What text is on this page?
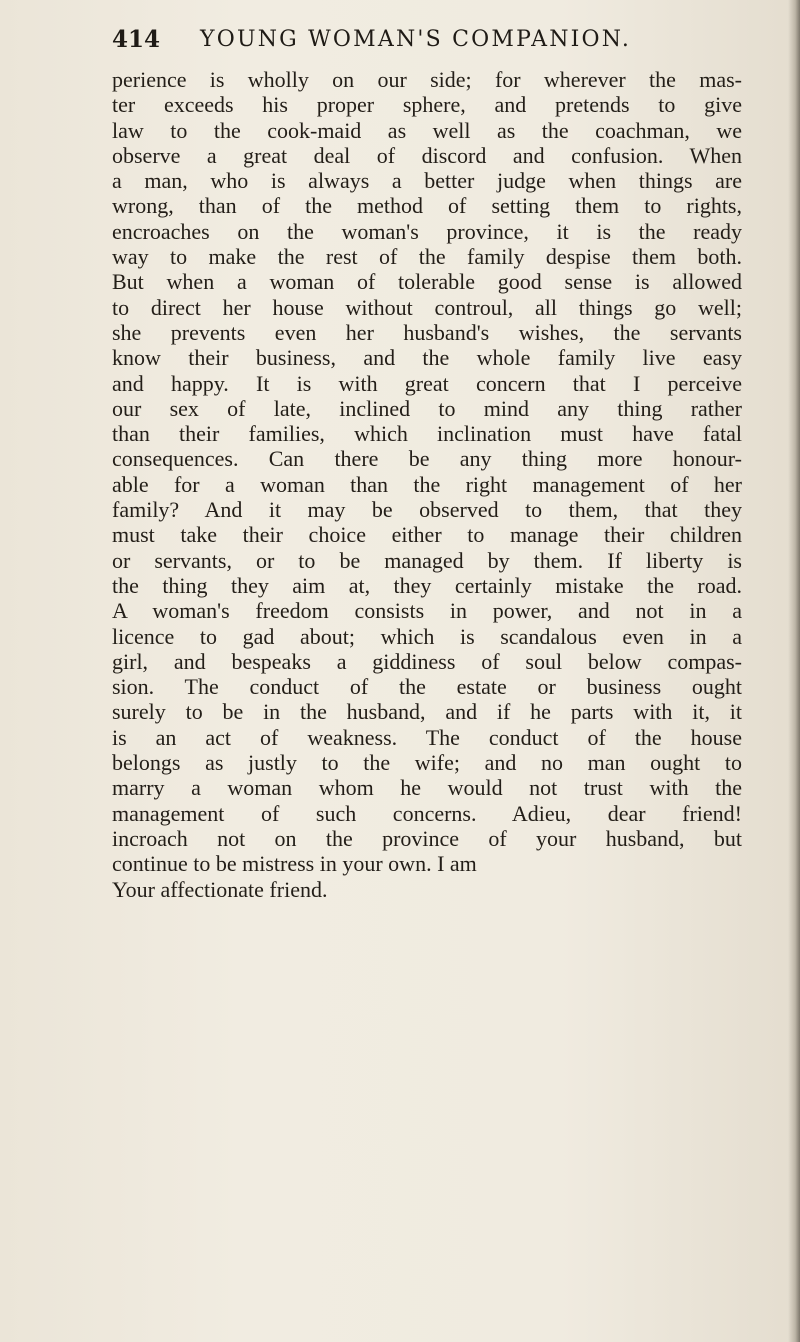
414 YOUNG WOMAN'S COMPANION.
perience is wholly on our side; for wherever the mas-
ter exceeds his proper sphere, and pretends to give
law to the cook-maid as well as the coachman, we
observe a great deal of discord and confusion. When
a man, who is always a better judge when things are
wrong, than of the method of setting them to rights,
encroaches on the woman's province, it is the ready
way to make the rest of the family despise them both.
But when a woman of tolerable good sense is allowed
to direct her house without controul, all things go well;
she prevents even her husband's wishes, the servants
know their business, and the whole family live easy
and happy. It is with great concern that I perceive
our sex of late, inclined to mind any thing rather
than their families, which inclination must have fatal
consequences. Can there be any thing more honour-
able for a woman than the right management of her
family? And it may be observed to them, that they
must take their choice either to manage their children
or servants, or to be managed by them. If liberty is
the thing they aim at, they certainly mistake the road.
A woman's freedom consists in power, and not in a
licence to gad about; which is scandalous even in a
girl, and bespeaks a giddiness of soul below compas-
sion. The conduct of the estate or business ought
surely to be in the husband, and if he parts with it, it
is an act of weakness. The conduct of the house
belongs as justly to the wife; and no man ought to
marry a woman whom he would not trust with the
management of such concerns. Adieu, dear friend!
incroach not on the province of your husband, but
continue to be mistress in your own. I am
Your affectionate friend.
